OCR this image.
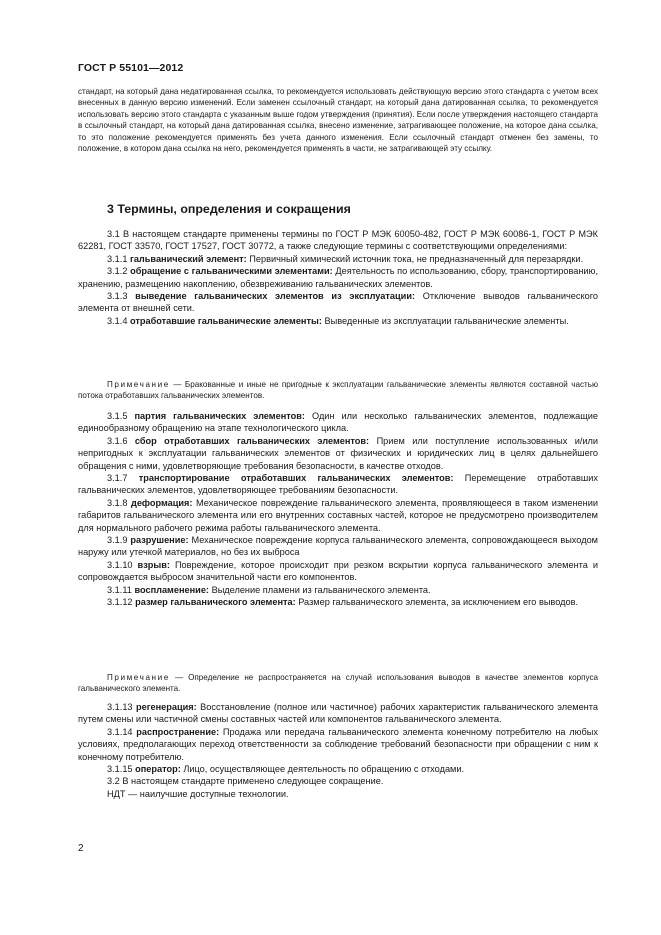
ГОСТ Р 55101—2012

стандарт, на который дана недатированная ссылка, то рекомендуется использовать действующую версию этого стандарта с учетом всех внесенных в данную версию изменений. Если заменен ссылочный стандарт, на который дана датированная ссылка, то рекомендуется использовать версию этого стандарта с указанным выше годом утверждения (принятия). Если после утверждения настоящего стандарта в ссылочный стандарт, на который дана датированная ссылка, внесено изменение, затрагивающее положение, на которое дана ссылка, то это положение рекомендуется применять без учета данного изменения. Если ссылочный стандарт отменен без замены, то положение, в котором дана ссылка на него, рекомендуется применять в части, не затрагивающей эту ссылку.

3 Термины, определения и сокращения

3.1 В настоящем стандарте применены термины по ГОСТ Р МЭК 60050-482, ГОСТ Р МЭК 60086-1, ГОСТ Р МЭК 62281, ГОСТ 33570, ГОСТ 17527, ГОСТ 30772, а также следующие термины с соответствующими определениями:

3.1.1 гальванический элемент: Первичный химический источник тока, не предназначенный для перезарядки.

3.1.2 обращение с гальваническими элементами: Деятельность по использованию, сбору, транспортированию, хранению, размещению накоплению, обезвреживанию гальванических элементов.

3.1.3 выведение гальванических элементов из эксплуатации: Отключение выводов гальванического элемента от внешней сети.

3.1.4 отработавшие гальванические элементы: Выведенные из эксплуатации гальванические элементы.

Примечание — Бракованные и иные не пригодные к эксплуатации гальванические элементы являются составной частью потока отработавших гальванических элементов.

3.1.5 партия гальванических элементов: Один или несколько гальванических элементов, подлежащие единообразному обращению на этапе технологического цикла.

3.1.6 сбор отработавших гальванических элементов: Прием или поступление использованных и/или непригодных к эксплуатации гальванических элементов от физических и юридических лиц в целях дальнейшего обращения с ними, удовлетворяющие требования безопасности, в качестве отходов.

3.1.7 транспортирование отработавших гальванических элементов: Перемещение отработавших гальванических элементов, удовлетворяющее требованиям безопасности.

3.1.8 деформация: Механическое повреждение гальванического элемента, проявляющееся в таком изменении габаритов гальванического элемента или его внутренних составных частей, которое не предусмотрено производителем для нормального рабочего режима работы гальванического элемента.

3.1.9 разрушение: Механическое повреждение корпуса гальванического элемента, сопровождающееся выходом наружу или утечкой материалов, но без их выброса

3.1.10 взрыв: Повреждение, которое происходит при резком вскрытии корпуса гальванического элемента и сопровождается выбросом значительной части его компонентов.

3.1.11 воспламенение: Выделение пламени из гальванического элемента.

3.1.12 размер гальванического элемента: Размер гальванического элемента, за исключением его выводов.

Примечание — Определение не распространяется на случай использования выводов в качестве элементов корпуса гальванического элемента.

3.1.13 регенерация: Восстановление (полное или частичное) рабочих характеристик гальванического элемента путем смены или частичной смены составных частей или компонентов гальванического элемента.

3.1.14 распространение: Продажа или передача гальванического элемента конечному потребителю на любых условиях, предполагающих переход ответственности за соблюдение требований безопасности при обращении с ним к конечному потребителю.

3.1.15 оператор: Лицо, осуществляющее деятельность по обращению с отходами.

3.2 В настоящем стандарте применено следующее сокращение.

НДТ — наилучшие доступные технологии.

2
